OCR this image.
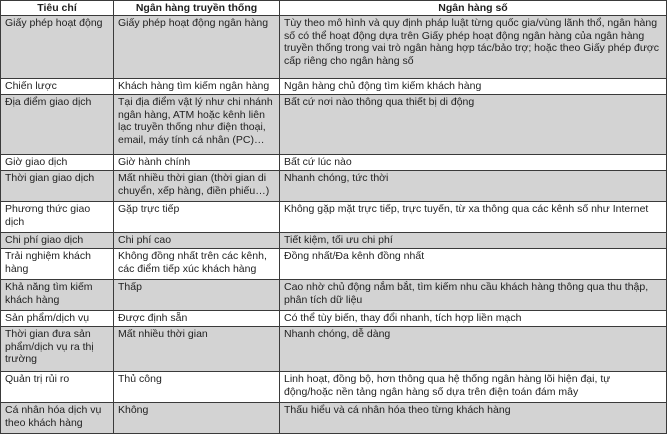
Tiêu chí	Ngân hàng truyền thống	Ngân hàng số
Giấy phép hoạt động	Giấy phép hoạt động ngân hàng	Tùy theo mô hình và quy định pháp luật từng quốc gia/vùng lãnh thổ, ngân hàng số có thể hoạt động dựa trên Giấy phép hoạt động ngân hàng của ngân hàng truyền thống trong vai trò ngân hàng hợp tác/bảo trợ; hoặc theo Giấy phép được cấp riêng cho ngân hàng số
Chiến lược	Khách hàng tìm kiếm ngân hàng	Ngân hàng chủ động tìm kiếm khách hàng
Địa điểm giao dịch	Tại địa điểm vật lý như chi nhánh ngân hàng, ATM hoặc kênh liên lạc truyền thống như điện thoại, email, máy tính cá nhân (PC)…	Bất cứ nơi nào thông qua thiết bị di động
Giờ giao dịch	Giờ hành chính	Bất cứ lúc nào
Thời gian giao dịch	Mất nhiều thời gian (thời gian di chuyển, xếp hàng, điền phiếu…)	Nhanh chóng, tức thời
Phương thức giao dịch	Gặp trực tiếp	Không gặp mặt trực tiếp, trực tuyến, từ xa thông qua các kênh số như Internet
Chi phí giao dịch	Chi phí cao	Tiết kiệm, tối ưu chi phí
Trải nghiệm khách hàng	Không đồng nhất trên các kênh, các điểm tiếp xúc khách hàng	Đồng nhất/Đa kênh đồng nhất
Khả năng tìm kiếm khách hàng	Thấp	Cao nhờ chủ động nắm bắt, tìm kiếm nhu cầu khách hàng thông qua thu thập, phân tích dữ liệu
Sản phẩm/dịch vụ	Được định sẵn	Có thể tùy biến, thay đổi nhanh, tích hợp liền mạch
Thời gian đưa sản phẩm/dịch vụ ra thị trường	Mất nhiều thời gian	Nhanh chóng, dễ dàng
Quản trị rủi ro	Thủ công	Linh hoạt, đồng bộ, hơn thông qua hệ thống ngân hàng lõi hiện đại, tự động/hoặc nền tảng ngân hàng số dựa trên điện toán đám mây
Cá nhân hóa dịch vụ theo khách hàng	Không	Thấu hiểu và cá nhân hóa theo từng khách hàng
